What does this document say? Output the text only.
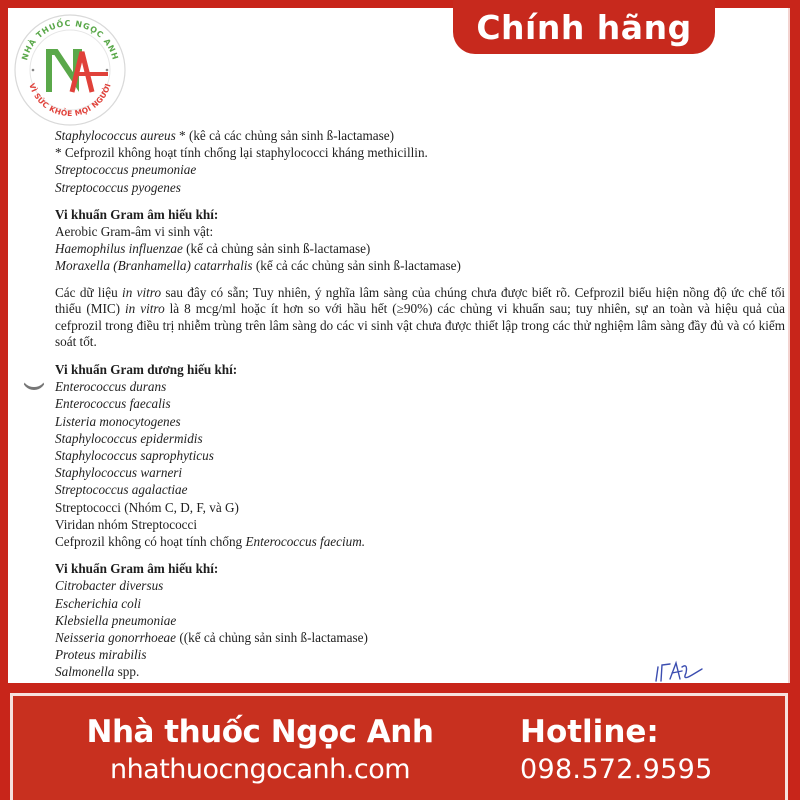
Chính hãng
NHÀ THUỐC NGỌC ANH
VÌ SỨC KHỎE MỌI NGƯỜI
Staphylococcus aureus * (kê cả các chủng sản sinh ß-lactamase)
* Cefprozil không hoạt tính chống lại staphylococci kháng methicillin.
Streptococcus pneumoniae
Streptococcus pyogenes
Vi khuẩn Gram âm hiếu khí:
Aerobic Gram-âm vi sinh vật:
Haemophilus influenzae (kể cả chủng sản sinh ß-lactamase)
Moraxella (Branhamella) catarrhalis (kể cả các chủng sản sinh ß-lactamase)
Các dữ liệu in vitro sau đây có sẵn; Tuy nhiên, ý nghĩa lâm sàng của chúng chưa được biết rõ. Cefprozil biểu hiện nồng độ ức chế tối thiểu (MIC) in vitro là 8 mcg/ml hoặc ít hơn so với hầu hết (≥90%) các chủng vi khuẩn sau; tuy nhiên, sự an toàn và hiệu quả của cefprozil trong điều trị nhiễm trùng trên lâm sàng do các vi sinh vật chưa được thiết lập trong các thử nghiệm lâm sàng đầy đủ và có kiểm soát tốt.
Vi khuẩn Gram dương hiếu khí:
Enterococcus durans
Enterococcus faecalis
Listeria monocytogenes
Staphylococcus epidermidis
Staphylococcus saprophyticus
Staphylococcus warneri
Streptococcus agalactiae
Streptococci (Nhóm C, D, F, và G)
Viridan nhóm Streptococci
Cefprozil không có hoạt tính chống Enterococcus faecium.
Vi khuẩn Gram âm hiếu khí:
Citrobacter diversus
Escherichia coli
Klebsiella pneumoniae
Neisseria gonorrhoeae ((kể cả chủng sản sinh ß-lactamase)
Proteus mirabilis
Salmonella spp.
Nhà thuốc Ngọc Anh
nhathuocngocanh.com
Hotline:
098.572.9595
